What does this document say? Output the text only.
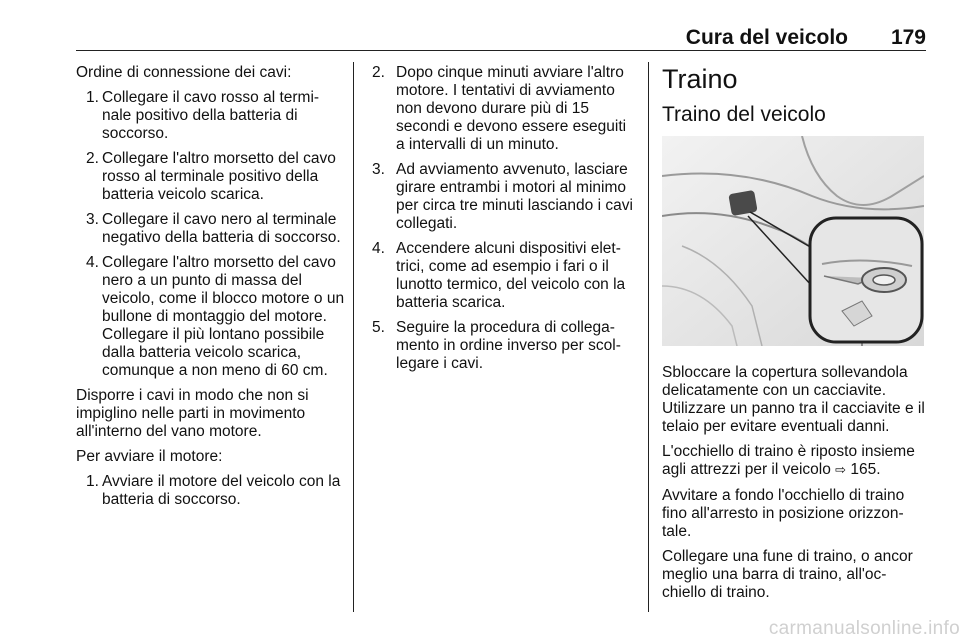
Cura del veicolo 179

Ordine di connessione dei cavi:

1. Collegare il cavo rosso al termi-nale positivo della batteria di soccorso.
2. Collegare l'altro morsetto del cavo rosso al terminale positivo della batteria veicolo scarica.
3. Collegare il cavo nero al terminale negativo della batteria di soccorso.
4. Collegare l'altro morsetto del cavo nero a un punto di massa del veicolo, come il blocco motore o un bullone di montaggio del motore. Collegare il più lontano possibile dalla batteria veicolo scarica, comunque a non meno di 60 cm.

Disporre i cavi in modo che non si impiglino nelle parti in movimento all'interno del vano motore.

Per avviare il motore:

1. Avviare il motore del veicolo con la batteria di soccorso.
2. Dopo cinque minuti avviare l'altro motore. I tentativi di avviamento non devono durare più di 15 secondi e devono essere eseguiti a intervalli di un minuto.
3. Ad avviamento avvenuto, lasciare girare entrambi i motori al minimo per circa tre minuti lasciando i cavi collegati.
4. Accendere alcuni dispositivi elet-trici, come ad esempio i fari o il lunotto termico, del veicolo con la batteria scarica.
5. Seguire la procedura di collega-mento in ordine inverso per scol-legare i cavi.
Traino
Traino del veicolo

Sbloccare la copertura sollevandola delicatamente con un cacciavite. Utilizzare un panno tra il cacciavite e il telaio per evitare eventuali danni.

L'occhiello di traino è riposto insieme agli attrezzi per il veicolo ⇨ 165.

Avvitare a fondo l'occhiello di traino fino all'arresto in posizione orizzon-tale.

Collegare una fune di traino, o ancor meglio una barra di traino, all'oc-chiello di traino.

carmanualsonline.info
